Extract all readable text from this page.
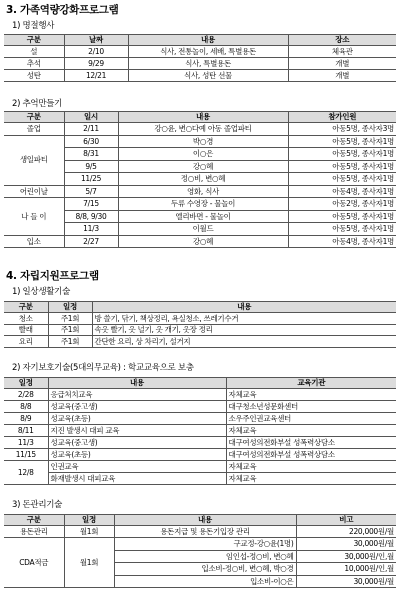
3. 가족역량강화프로그램
1) 명절행사
구분	날짜	내용	장소
설	2/10	식사, 전통놀이, 세배, 특별용돈	체육관
추석	9/29	식사, 특별용돈	개별
성탄	12/21	식사, 성탄 선물	개별
2) 추억만들기
구분	일시	내용	참가인원
졸업	2/11	강○윤, 변○다예 아동 졸업파티	아동5명, 종사자3명
생일파티	6/30	박○경	아동5명, 종사자1명
	8/31	이○은	아동5명, 종사자1명
	9/5	강○혜	아동5명, 종사자1명
	11/25	정○비, 변○혜	아동5명, 종사자1명
어린이날	5/7	영화, 식사	아동4명, 종사자1명
나 들 이	7/15	두류 수영장 - 물놀이	아동2명, 종사자1명
	8/8, 9/30	엘리바면 - 물놀이	아동5명, 종사자1명
	11/3	이월드	아동5명, 종사자1명
입소	2/27	강○혜	아동4명, 종사자1명
4. 자립지원프로그램
1) 일상생활기술
구분	일정	내용
청소	주1회	방 쓸기, 닦기, 책상정리, 욕실청소, 쓰레기수거
빨래	주1회	속옷 빨기, 옷 널기, 옷 개기, 옷장 정리
요리	주1회	간단한 요리, 상 차리기, 설거지
2) 자기보호기술(5대의무교육) : 학교교육으로 보충
일정	내용	교육기관
2/28	응급처치교육	자체교육
8/8	성교육(중고생)	대구청소년성문화센터
8/9	성교육(초등)	소우주인권교육센터
8/11	지진 발생시 대피 교육	자체교육
11/3	성교육(중고생)	대구여성의전화부설 성폭력상담소
11/15	성교육(초등)	대구여성의전화부설 성폭력상담소
12/8	인권교육	자체교육
	화재발생시 대피교육	자체교육
3) 돈관리기술
구분	일정	내용	비고
용돈관리	월1회	용돈지급 및 용돈기입장 관리	220,000원/월
CDA적금	월1회	구교정-강○윤(1명)	30,000원/월
		임인섭-정○비, 변○혜	30,000원/인,월
		입소비-정○비, 변○혜, 박○경	10,000원/인,월
		입소비-이○은	30,000원/월
